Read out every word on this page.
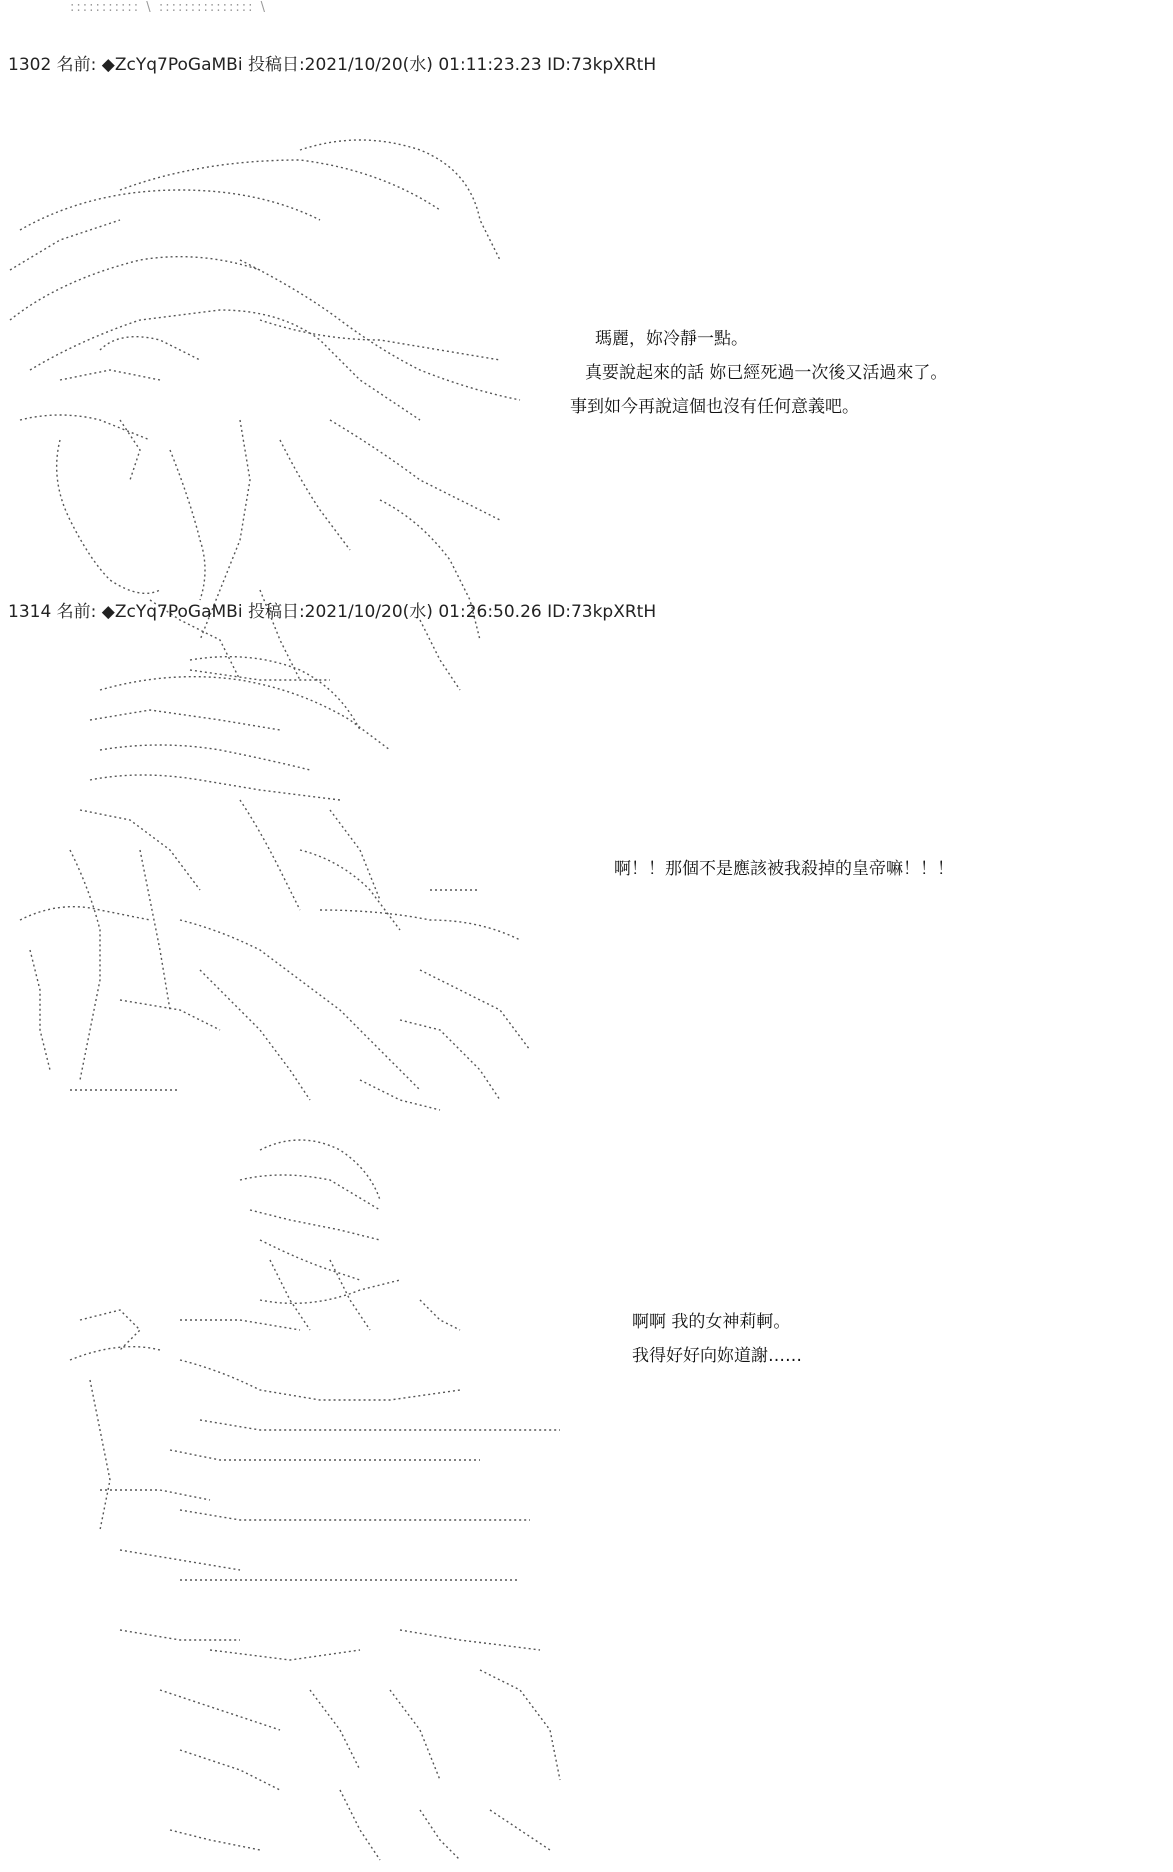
::::::::::: \ ::::::::::::::: \
1302 名前: ◆ZcYq7PoGaMBi 投稿日:2021/10/20(水) 01:11:23.23 ID:73kpXRtH
瑪麗，妳冷靜一點。
真要說起來的話 妳已經死過一次後又活過來了。
事到如今再說這個也沒有任何意義吧。
1314 名前: ◆ZcYq7PoGaMBi 投稿日:2021/10/20(水) 01:26:50.26 ID:73kpXRtH
啊！！那個不是應該被我殺掉的皇帝嘛！！！
啊啊 我的女神莉軻。
我得好好向妳道謝……
